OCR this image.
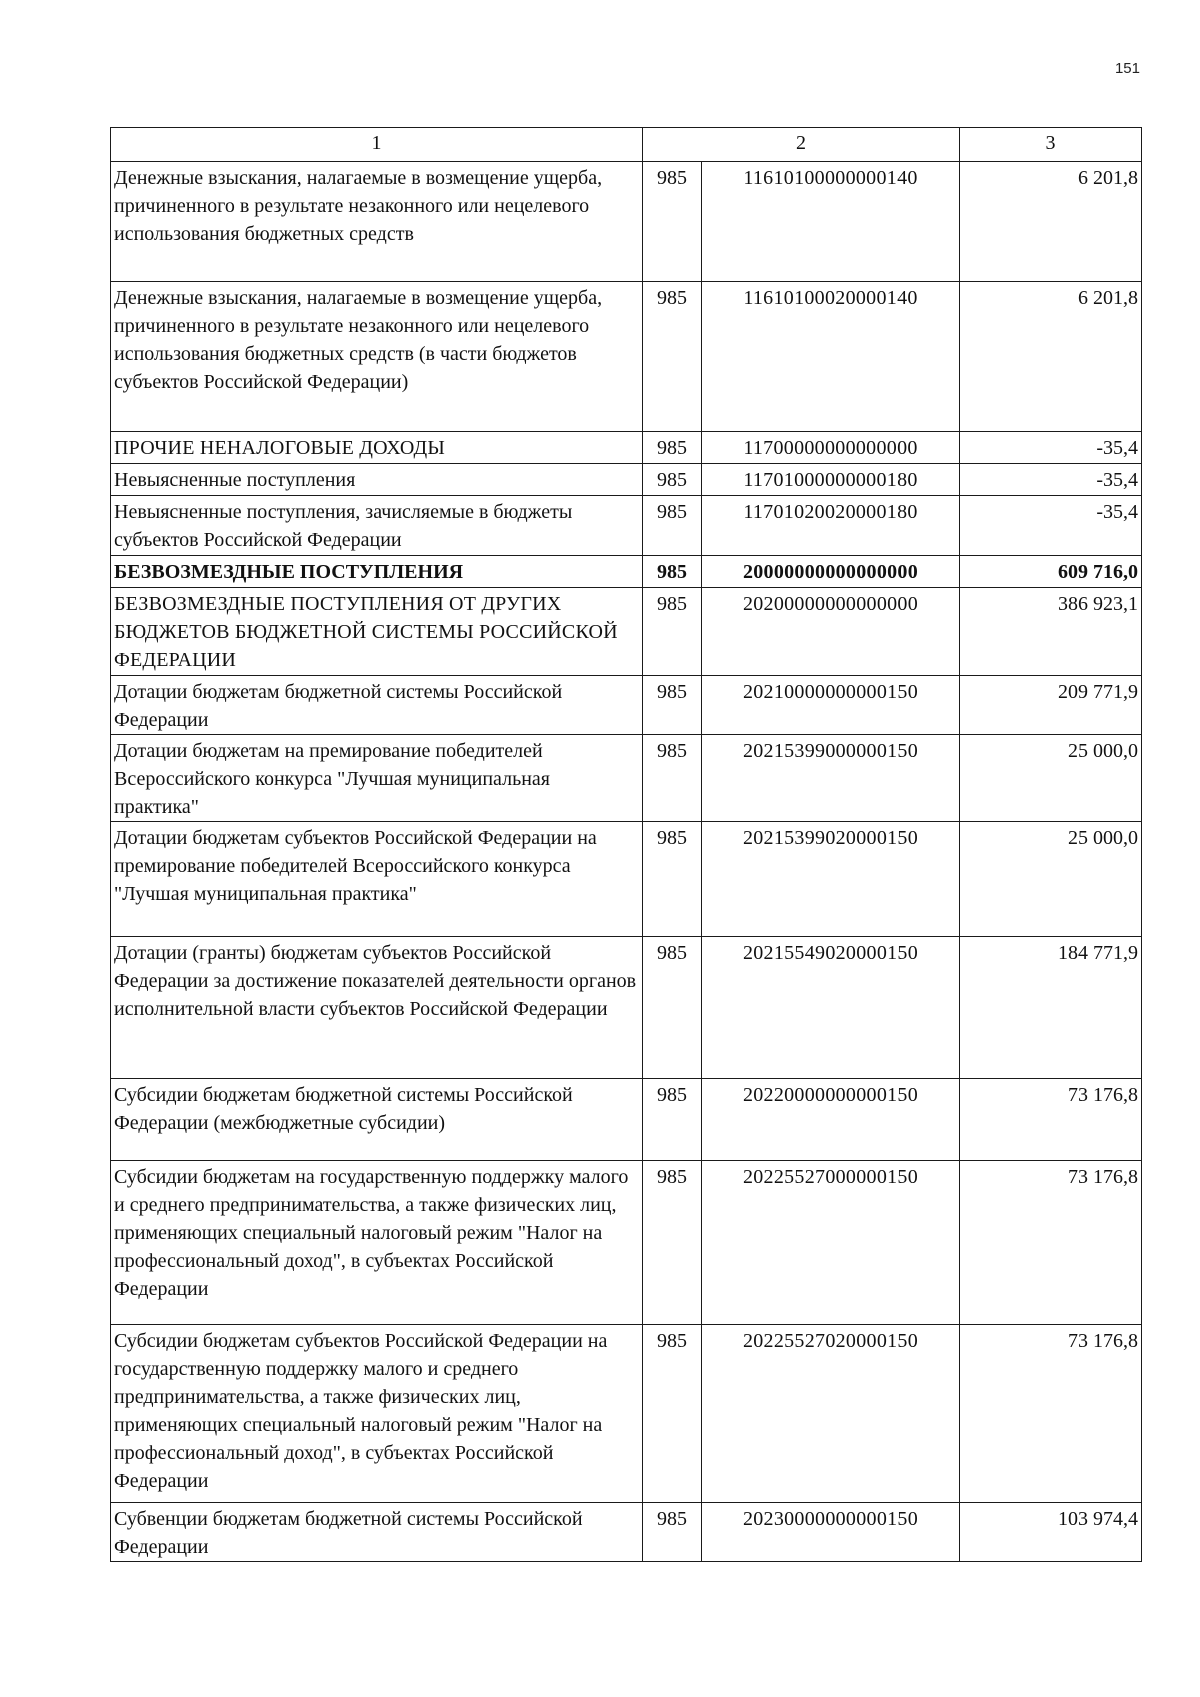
151
1	2		3
Денежные взыскания, налагаемые в возмещение ущерба, причиненного в результате незаконного или нецелевого использования бюджетных средств	985	11610100000000140	6 201,8
Денежные взыскания, налагаемые в возмещение ущерба, причиненного в результате незаконного или нецелевого использования бюджетных средств (в части бюджетов субъектов Российской Федерации)	985	11610100020000140	6 201,8
ПРОЧИЕ НЕНАЛОГОВЫЕ ДОХОДЫ	985	11700000000000000	-35,4
Невыясненные поступления	985	11701000000000180	-35,4
Невыясненные поступления, зачисляемые в бюджеты субъектов Российской Федерации	985	11701020020000180	-35,4
БЕЗВОЗМЕЗДНЫЕ ПОСТУПЛЕНИЯ	985	20000000000000000	609 716,0
БЕЗВОЗМЕЗДНЫЕ ПОСТУПЛЕНИЯ ОТ ДРУГИХ БЮДЖЕТОВ БЮДЖЕТНОЙ СИСТЕМЫ РОССИЙСКОЙ ФЕДЕРАЦИИ	985	20200000000000000	386 923,1
Дотации бюджетам бюджетной системы Российской Федерации	985	20210000000000150	209 771,9
Дотации бюджетам на премирование победителей Всероссийского конкурса "Лучшая муниципальная практика"	985	20215399000000150	25 000,0
Дотации бюджетам субъектов Российской Федерации на премирование победителей Всероссийского конкурса "Лучшая муниципальная практика"	985	20215399020000150	25 000,0
Дотации (гранты) бюджетам субъектов Российской Федерации за достижение показателей деятельности органов исполнительной власти субъектов Российской Федерации	985	20215549020000150	184 771,9
Субсидии бюджетам бюджетной системы Российской Федерации (межбюджетные субсидии)	985	20220000000000150	73 176,8
Субсидии бюджетам на государственную поддержку малого и среднего предпринимательства, а также физических лиц, применяющих специальный налоговый режим "Налог на профессиональный доход", в субъектах Российской Федерации	985	20225527000000150	73 176,8
Субсидии бюджетам субъектов Российской Федерации на государственную поддержку малого и среднего предпринимательства, а также физических лиц, применяющих специальный налоговый режим "Налог на профессиональный доход", в субъектах Российской Федерации	985	20225527020000150	73 176,8
Субвенции бюджетам бюджетной системы Российской Федерации	985	20230000000000150	103 974,4
